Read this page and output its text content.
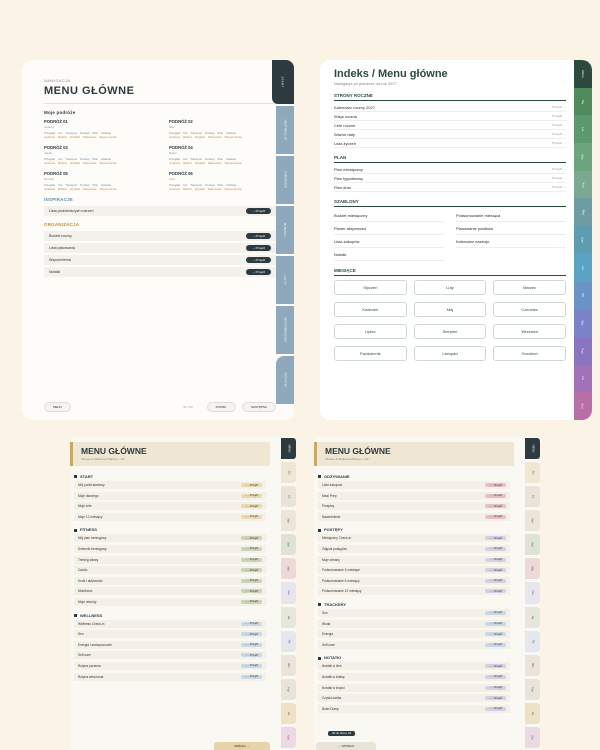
NAWIGACJA
MENU GŁÓWNE
Moje podróże
PODRÓŻ 01
Iceland
Przegląd Cel Transport Noclegi Plan Atrakcje
Jedzenie Budżet Wydatki Pakowanie Wspomnienia
PODRÓŻ 02
Italy
Przegląd Cel Transport Noclegi Plan Atrakcje
Jedzenie Budżet Wydatki Pakowanie Wspomnienia
PODRÓŻ 03
Japan
Przegląd Cel Transport Noclegi Plan Atrakcje
Jedzenie Budżet Wydatki Pakowanie Wspomnienia
PODRÓŻ 04
Spain
Przegląd Cel Transport Noclegi Plan Atrakcje
Jedzenie Budżet Wydatki Pakowanie Wspomnienia
PODRÓŻ 05
Norway
Przegląd Cel Transport Noclegi Plan Atrakcje
Jedzenie Budżet Wydatki Pakowanie Wspomnienia
PODRÓŻ 06
Peru
Przegląd Cel Transport Noclegi Plan Atrakcje
Jedzenie Budżet Wydatki Pakowanie Wspomnienia
INSPIRACJE
Lista podróżniczych marzeń	→ Przejdź
ORGANIZACJA
Budżet roczny	→ Przejdź
Lista pakowania	→ Przejdź
Wspomnienia	→ Przejdź
Notatki	→ Przejdź
MENU	01 / 63	POPRZ.	NASTĘPNA
START
INSPIRACJE
PODRÓŻE
BUDŻET
LISTY
WSPOMNIENIA
NOTATKI
Indeks / Menu główne
Nawigacja po planerze na rok 2027
STRONY ROCZNE
Kalendarz roczny 2027	Przejdź →
Wizja roczna	Przejdź →
Cele roczne	Przejdź →
Ważne daty	Przejdź →
Lista życzeń	Przejdź →
PLAN
Plan miesięczny	Przejdź →
Plan tygodniowy	Przejdź →
Plan dnia	Przejdź →
SZABLONY
Budżet miesięczny	Podsumowanie miesiąca
Planer aktywności	Planowanie posiłków
Lista zakupów	Kalendarz nastroju
Notatki
MIESIĄCE
Styczeń	Luty	Marzec
Kwiecień	Maj	Czerwiec
Lipiec	Sierpień	Wrzesień
Październik	Listopad	Grudzień
Menu
Sty
Lut
Mar
Kwi
Maj
Cze
Lip
Sie
Wrz
Paź
Lis
Gru
MENU GŁÓWNE
Fitness & Wellness Planner • 1/2
START
Mój punkt startowy	→→ Przejdź
Moje dlaczego	→→ Przejdź
Moje cele	→→ Przejdź
Moje 12 miesięcy	→→ Przejdź
FITNESS
Mój plan treningowy	→→ Przejdź
Dziennik treningowy	→→ Przejdź
Trening siłowy	→→ Przejdź
Cardio	→→ Przejdź
Kroki i aktywność	→→ Przejdź
Mobilność	→→ Przejdź
Moje rekordy	→→ Przejdź
WELLNESS
Wellness Check-in	→→ Przejdź
Sen	→→ Przejdź
Energia i samopoczucie	→→ Przejdź
Self-care	→→ Przejdź
Rutyna poranna	→→ Przejdź
Rutyna wieczorna	→→ Przejdź
WIĘCEJ →
MENU
Sty
Lut
Mar
Kwi
Maj
Cze
Lip
Sie
Wrz
Paź
Lis
Gru
MENU GŁÓWNE
Fitness & Wellness Planner • 2/2
ODŻYWIANIE
Lista zakupów	→→ Przejdź
Meal Prep	→→ Przejdź
Przepisy	→→ Przejdź
Nawodnienie	→→ Przejdź
POSTĘPY
Miesięczny Check-in	→→ Przejdź
Zdjęcia postępów	→→ Przejdź
Moje zmiany	→→ Przejdź
Podsumowanie 3 miesiące	→→ Przejdź
Podsumowanie 6 miesięcy	→→ Przejdź
Podsumowanie 12 miesięcy	→→ Przejdź
TRACKERY
Sen	→→ Przejdź
Woda	→→ Przejdź
Energia	→→ Przejdź
Self-care	→→ Przejdź
NOTATKI
Notatki w linie	→→ Przejdź
Notatki w kratkę	→→ Przejdź
Notatki w kropki	→→ Przejdź
Czysta kartka	→→ Przejdź
Brain Dump	→→ Przejdź
Idź do strony 1/2
← WSTECZ
MENU
Sty
Lut
Mar
Kwi
Maj
Cze
Lip
Sie
Wrz
Paź
Lis
Gru
